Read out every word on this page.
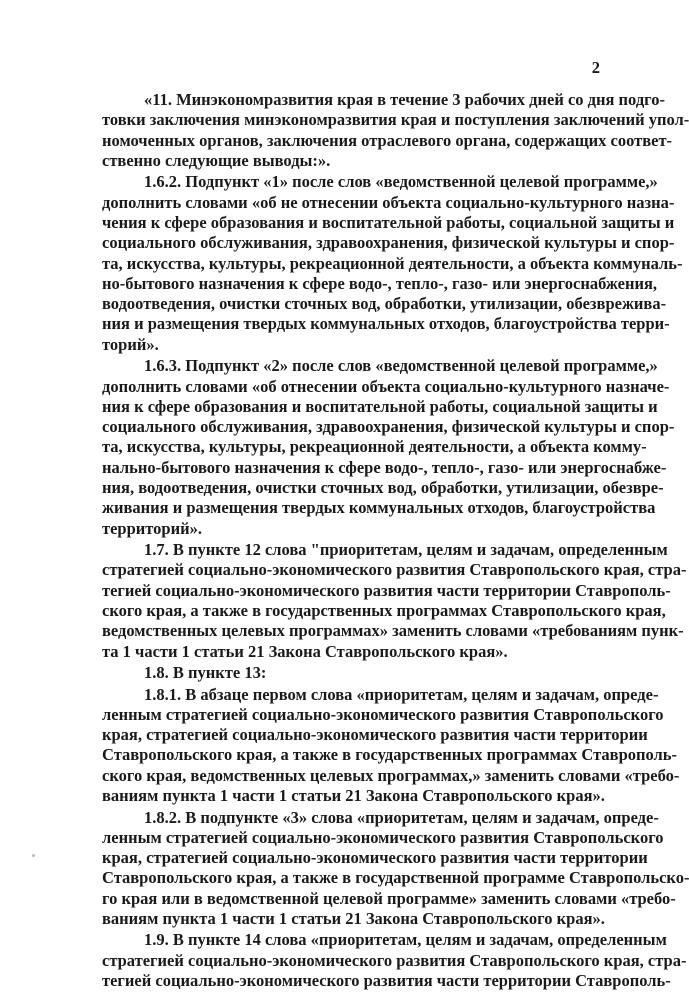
2
«11. Минэкономразвития края в течение 3 рабочих дней со дня подго-
товки заключения минэкономразвития края и поступления заключений упол-
номоченных органов, заключения отраслевого органа, содержащих соответ-
ственно следующие выводы:».
1.6.2. Подпункт «1» после слов «ведомственной целевой программе,»
дополнить словами «об не отнесении объекта социально-культурного назна-
чения к сфере образования и воспитательной работы, социальной защиты и
социального обслуживания, здравоохранения, физической культуры и спор-
та, искусства, культуры, рекреационной деятельности, а объекта коммуналь-
но-бытового назначения к сфере водо-, тепло-, газо- или энергоснабжения,
водоотведения, очистки сточных вод, обработки, утилизации, обезврежива-
ния и размещения твердых коммунальных отходов, благоустройства терри-
торий».
1.6.3. Подпункт «2» после слов «ведомственной целевой программе,»
дополнить словами «об отнесении объекта социально-культурного назначе-
ния к сфере образования и воспитательной работы, социальной защиты и
социального обслуживания, здравоохранения, физической культуры и спор-
та, искусства, культуры, рекреационной деятельности, а объекта комму-
нально-бытового назначения к сфере водо-, тепло-, газо- или энергоснабже-
ния, водоотведения, очистки сточных вод, обработки, утилизации, обезвре-
живания и размещения твердых коммунальных отходов, благоустройства
территорий».
1.7. В пункте 12 слова "приоритетам, целям и задачам, определенным
стратегией социально-экономического развития Ставропольского края, стра-
тегией социально-экономического развития части территории Ставрополь-
ского края, а также в государственных программах Ставропольского края,
ведомственных целевых программах» заменить словами «требованиям пунк-
та 1 части 1 статьи 21 Закона Ставропольского края».
1.8. В пункте 13:
1.8.1. В абзаце первом слова «приоритетам, целям и задачам, опреде-
ленным стратегией социально-экономического развития Ставропольского
края, стратегией социально-экономического развития части территории
Ставропольского края, а также в государственных программах Ставрополь-
ского края, ведомственных целевых программах,» заменить словами «требо-
ваниям пункта 1 части 1 статьи 21 Закона Ставропольского края».
1.8.2. В подпункте «3» слова «приоритетам, целям и задачам, опреде-
ленным стратегией социально-экономического развития Ставропольского
края, стратегией социально-экономического развития части территории
Ставропольского края, а также в государственной программе Ставропольско-
го края или в ведомственной целевой программе» заменить словами «требо-
ваниям пункта 1 части 1 статьи 21 Закона Ставропольского края».
1.9. В пункте 14 слова «приоритетам, целям и задачам, определенным
стратегией социально-экономического развития Ставропольского края, стра-
тегией социально-экономического развития части территории Ставрополь-
